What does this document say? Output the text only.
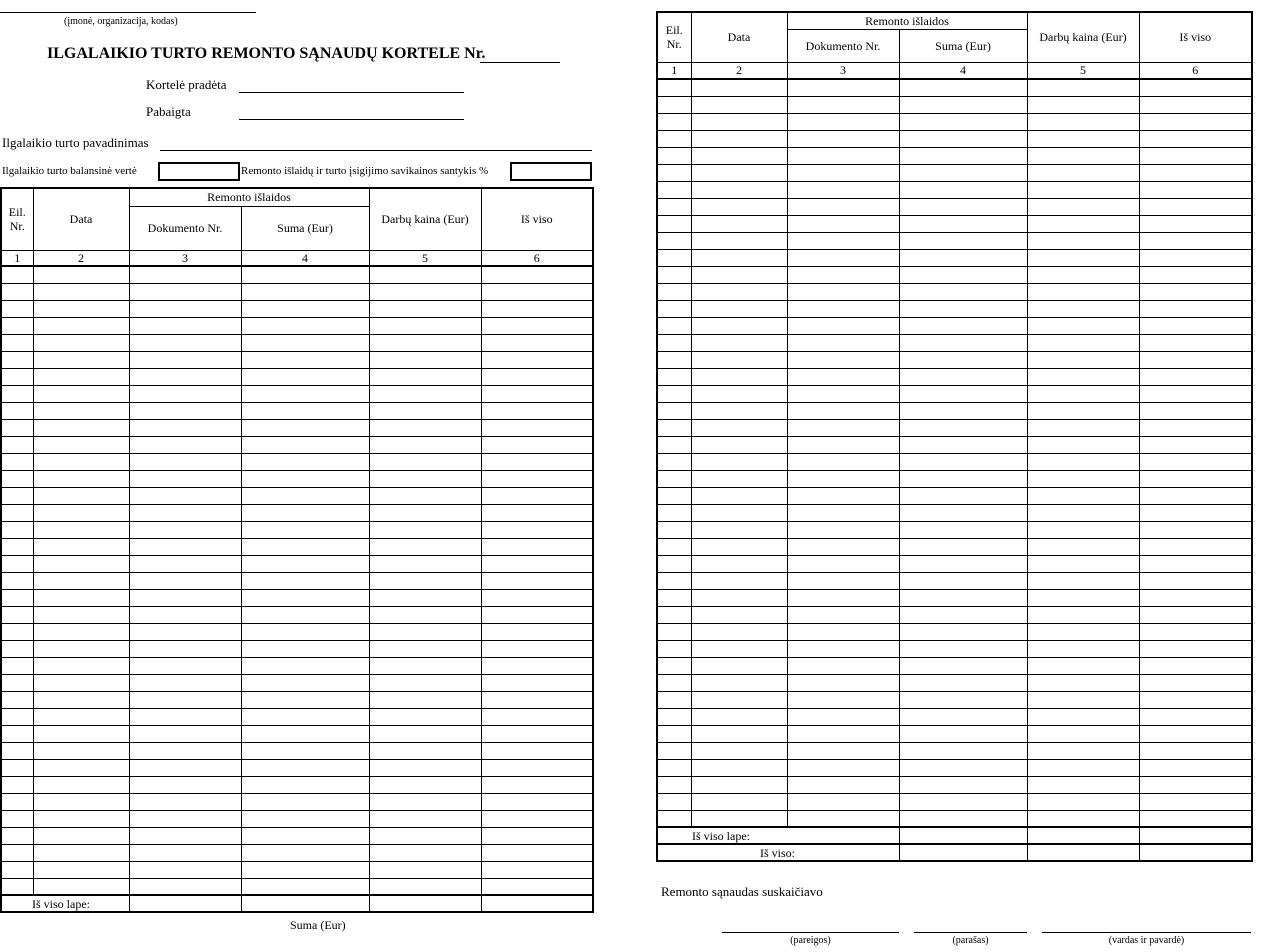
(įmonė, organizacija, kodas)
ILGALAIKIO TURTO REMONTO SĄNAUDŲ KORTELE Nr.
Kortelė pradėta
Pabaigta
Ilgalaikio turto pavadinimas
Ilgalaikio turto balansinė vertė	Remonto išlaidų ir turto įsigijimo savikainos santykis %
Eil. Nr.	Data	Remonto išlaidos		Darbų kaina (Eur)	Iš viso
		Dokumento Nr.	Suma (Eur)		
1	2	3	4	5	6

Iš viso lape:					
Suma (Eur)
Eil. Nr.	Data	Remonto išlaidos		Darbų kaina (Eur)	Iš viso
		Dokumento Nr.	Suma (Eur)		
1	2	3	4	5	6

Iš viso lape:					
Iš viso:					
Remonto sąnaudas suskaičiavo
(pareigos)	(parašas)	(vardas ir pavardė)
